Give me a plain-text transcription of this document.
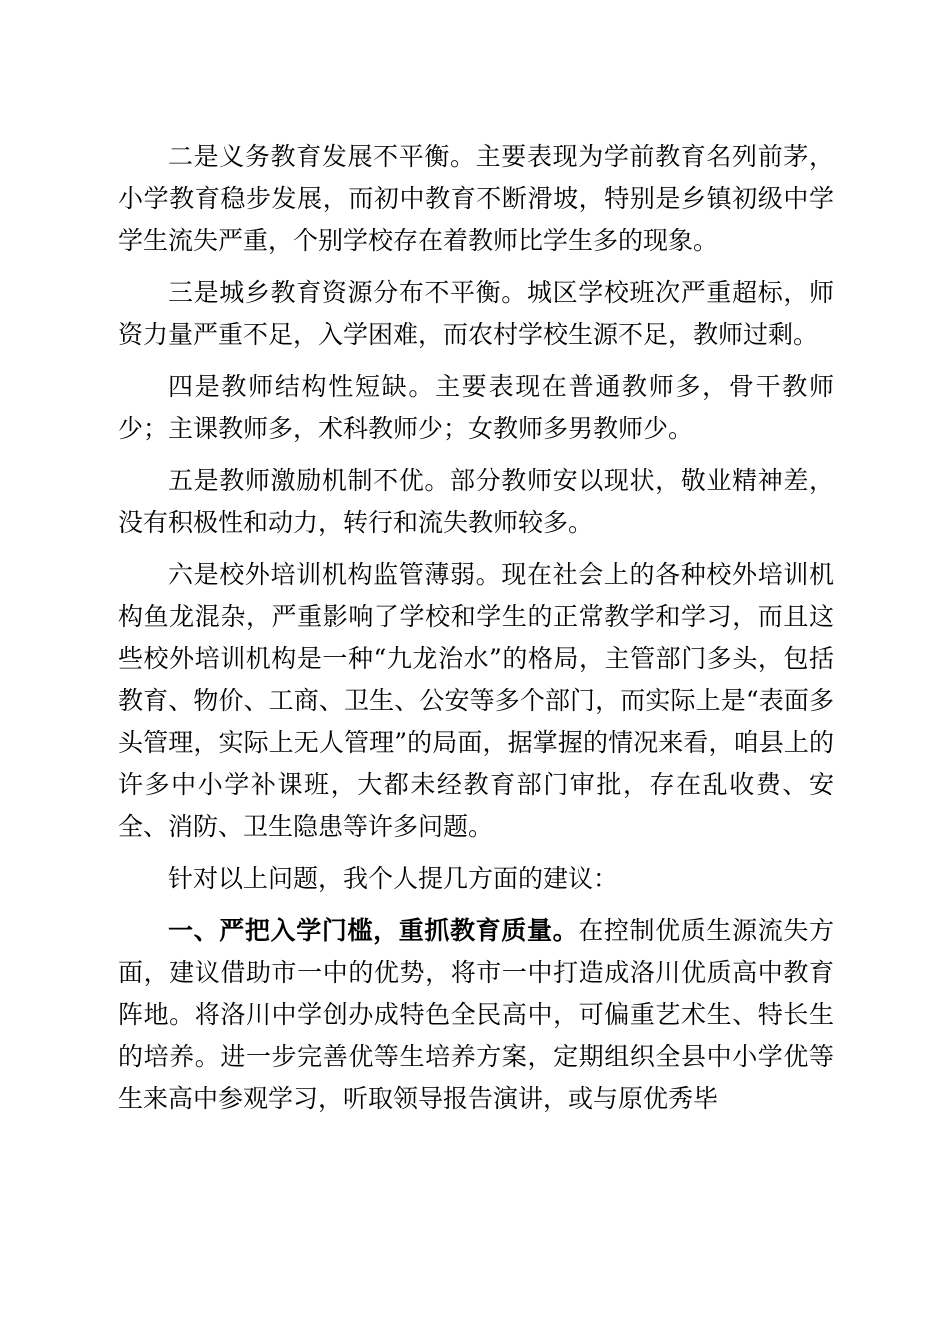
二是义务教育发展不平衡。主要表现为学前教育名列前茅，小学教育稳步发展，而初中教育不断滑坡，特别是乡镇初级中学学生流失严重，个别学校存在着教师比学生多的现象。

三是城乡教育资源分布不平衡。城区学校班次严重超标，师资力量严重不足，入学困难，而农村学校生源不足，教师过剩。

四是教师结构性短缺。主要表现在普通教师多，骨干教师少；主课教师多，术科教师少；女教师多男教师少。

五是教师激励机制不优。部分教师安以现状，敬业精神差，没有积极性和动力，转行和流失教师较多。

六是校外培训机构监管薄弱。现在社会上的各种校外培训机构鱼龙混杂，严重影响了学校和学生的正常教学和学习，而且这些校外培训机构是一种“九龙治水”的格局，主管部门多头，包括教育、物价、工商、卫生、公安等多个部门，而实际上是“表面多头管理，实际上无人管理”的局面，据掌握的情况来看，咱县上的许多中小学补课班，大都未经教育部门审批，存在乱收费、安全、消防、卫生隐患等许多问题。

针对以上问题，我个人提几方面的建议：

一、严把入学门槛，重抓教育质量。在控制优质生源流失方面，建议借助市一中的优势，将市一中打造成洛川优质高中教育阵地。将洛川中学创办成特色全民高中，可偏重艺术生、特长生的培养。进一步完善优等生培养方案，定期组织全县中小学优等生来高中参观学习，听取领导报告演讲，或与原优秀毕
